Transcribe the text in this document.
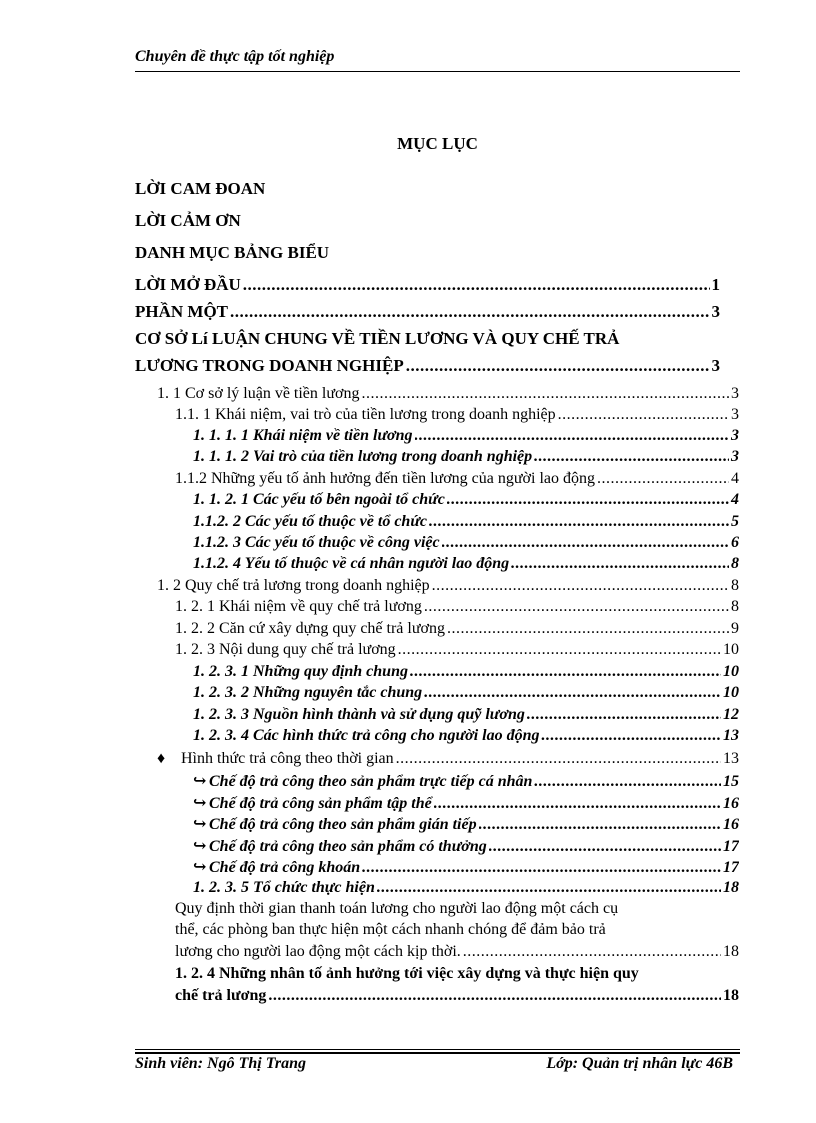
Chuyên đề thực tập tốt nghiệp
MỤC LỤC
LỜI CAM ĐOAN
LỜI CẢM ƠN
DANH MỤC BẢNG BIỂU
LỜI MỞ ĐẦU .....	1
PHẦN MỘT .....	3
CƠ SỞ Lí LUẬN CHUNG VỀ TIỀN LƯƠNG VÀ QUY CHẾ TRẢ
LƯƠNG TRONG DOANH NGHIỆP .....	3
1. 1 Cơ sở lý luận về tiền lương .....	3
1.1. 1 Khái niệm, vai trò của tiền lương trong doanh nghiệp .....	3
1. 1. 1. 1 Khái niệm về tiền lương .....	3
1. 1. 1. 2 Vai trò của tiền lương trong doanh nghiệp .....	3
1.1.2 Những yếu tố ảnh hưởng đến tiền lương của người lao động .....	4
1. 1. 2. 1 Các yếu tố bên ngoài tổ chức .....	4
1.1.2. 2 Các yếu tố thuộc về tổ chức .....	5
1.1.2. 3 Các yếu tố thuộc về công việc .....	6
1.1.2. 4 Yếu tố thuộc về cá nhân người lao động .....	8
1. 2 Quy chế trả lương trong doanh nghiệp .....	8
1. 2. 1 Khái niệm về quy chế trả lương .....	8
1. 2. 2 Căn cứ xây dựng quy chế trả lương .....	9
1. 2. 3 Nội dung quy chế trả lương .....	10
1. 2. 3. 1 Những quy định chung .....	10
1. 2. 3. 2 Những nguyên tắc chung .....	10
1. 2. 3. 3 Nguồn hình thành và sử dụng quỹ lương .....	12
1. 2. 3. 4 Các hình thức trả công cho người lao động .....	13
♦ Hình thức trả công theo thời gian .....	13
↪ Chế độ trả công theo sản phẩm trực tiếp cá nhân .....	15
↪ Chế độ trả công sản phẩm tập thể .....	16
↪ Chế độ trả công theo sản phẩm gián tiếp .....	16
↪ Chế độ trả công theo sản phẩm có thưởng .....	17
↪ Chế độ trả công khoán .....	17
1. 2. 3. 5 Tổ chức thực hiện .....	18
Quy định thời gian thanh toán lương cho người lao động một cách cụ
thể, các phòng ban thực hiện một cách nhanh chóng để đảm bảo trả
lương cho người lao động một cách kịp thời. .....	18
1. 2. 4 Những nhân tố ảnh hưởng tới việc xây dựng và thực hiện quy
chế trả lương .....	18
Sinh viên: Ngô Thị Trang	Lớp: Quản trị nhân lực 46B
